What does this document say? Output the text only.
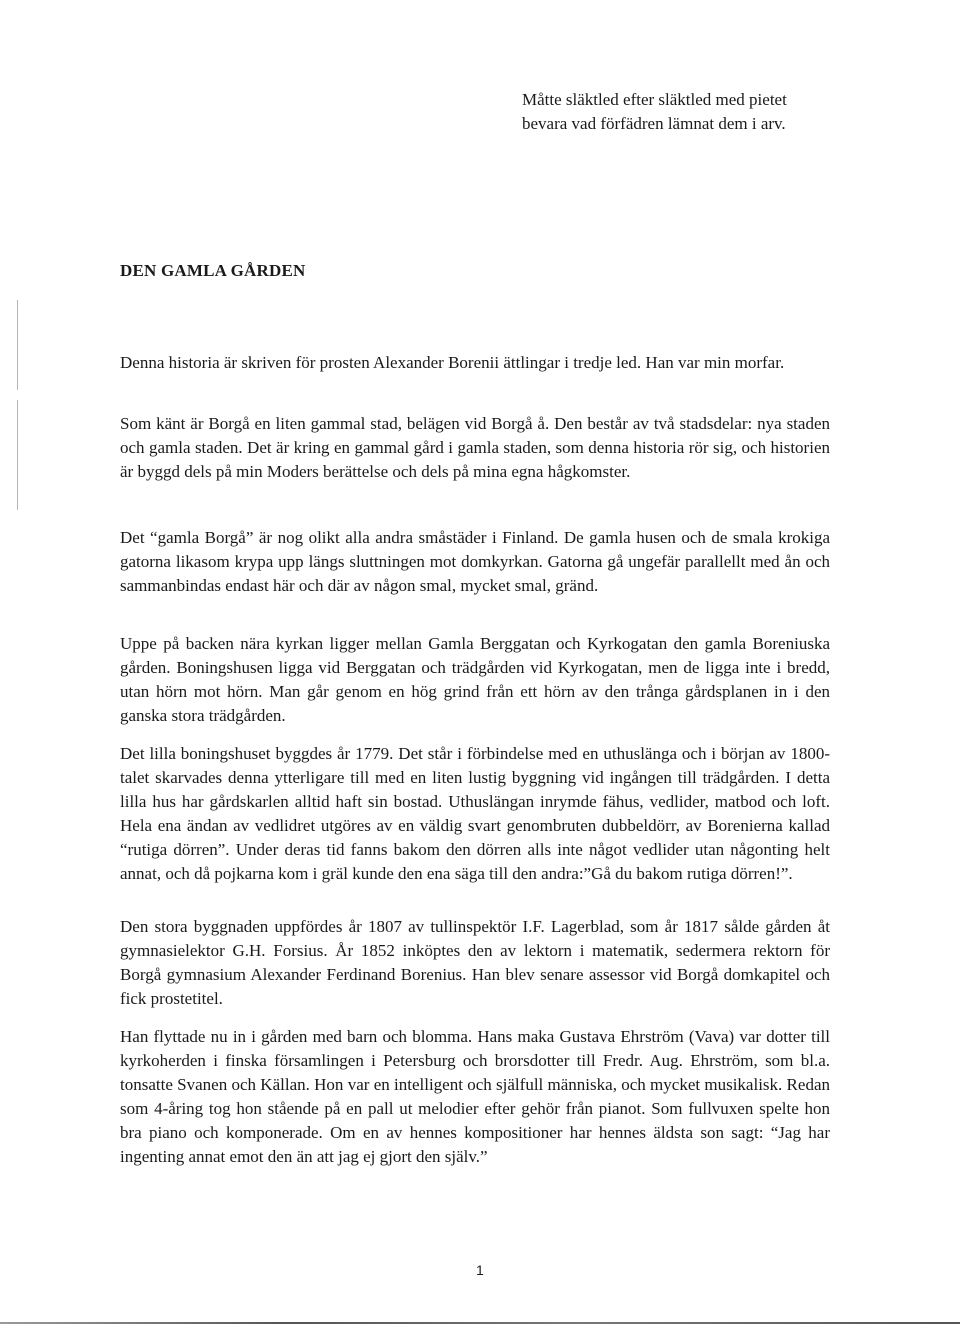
Måtte släktled efter släktled med pietet
bevara vad förfädren lämnat dem i arv.
DEN GAMLA GÅRDEN
Denna historia är skriven för prosten Alexander Borenii ättlingar i tredje led. Han var min morfar.
Som känt är Borgå en liten gammal stad, belägen vid Borgå å. Den består av två stadsdelar: nya staden och gamla staden. Det är kring en gammal gård i gamla staden, som denna historia rör sig, och historien är byggd dels på min Moders berättelse och dels på mina egna hågkomster.
Det “gamla Borgå” är nog olikt alla andra småstäder i Finland. De gamla husen och de smala krokiga gatorna likasom krypa upp längs sluttningen mot domkyrkan. Gatorna gå ungefär parallellt med ån och sammanbindas endast här och där av någon smal, mycket smal, gränd.
Uppe på backen nära kyrkan ligger mellan Gamla Berggatan och Kyrkogatan den gamla Boreniuska gården. Boningshusen ligga vid Berggatan och trädgården vid Kyrkogatan, men de ligga inte i bredd, utan hörn mot hörn. Man går genom en hög grind från ett hörn av den trånga gårdsplanen in i den ganska stora trädgården.
Det lilla boningshuset byggdes år 1779. Det står i förbindelse med en uthuslänga och i början av 1800-talet skarvades denna ytterligare till med en liten lustig byggning vid ingången till trädgården. I detta lilla hus har gårdskarlen alltid haft sin bostad. Uthuslängan inrymde fähus, vedlider, matbod och loft. Hela ena ändan av vedlidret utgöres av en väldig svart genombruten dubbeldörr, av Borenierna kallad “rutiga dörren”. Under deras tid fanns bakom den dörren alls inte något vedlider utan någonting helt annat, och då pojkarna kom i gräl kunde den ena säga till den andra:”Gå du bakom rutiga dörren!”.
Den stora byggnaden uppfördes år 1807 av tullinspektör I.F. Lagerblad, som år 1817 sålde gården åt gymnasielektor G.H. Forsius. År 1852 inköptes den av lektorn i matematik, sedermera rektorn för Borgå gymnasium Alexander Ferdinand Borenius. Han blev senare assessor vid Borgå domkapitel och fick prostetitel.
Han flyttade nu in i gården med barn och blomma. Hans maka Gustava Ehrström (Vava) var dotter till kyrkoherden i finska församlingen i Petersburg och brorsdotter till Fredr. Aug. Ehrström, som bl.a. tonsatte Svanen och Källan. Hon var en intelligent och själfull människa, och mycket musikalisk. Redan som 4-åring tog hon stående på en pall ut melodier efter gehör från pianot. Som fullvuxen spelte hon bra piano och komponerade. Om en av hennes kompositioner har hennes äldsta son sagt: “Jag har ingenting annat emot den än att jag ej gjort den själv.”
1
